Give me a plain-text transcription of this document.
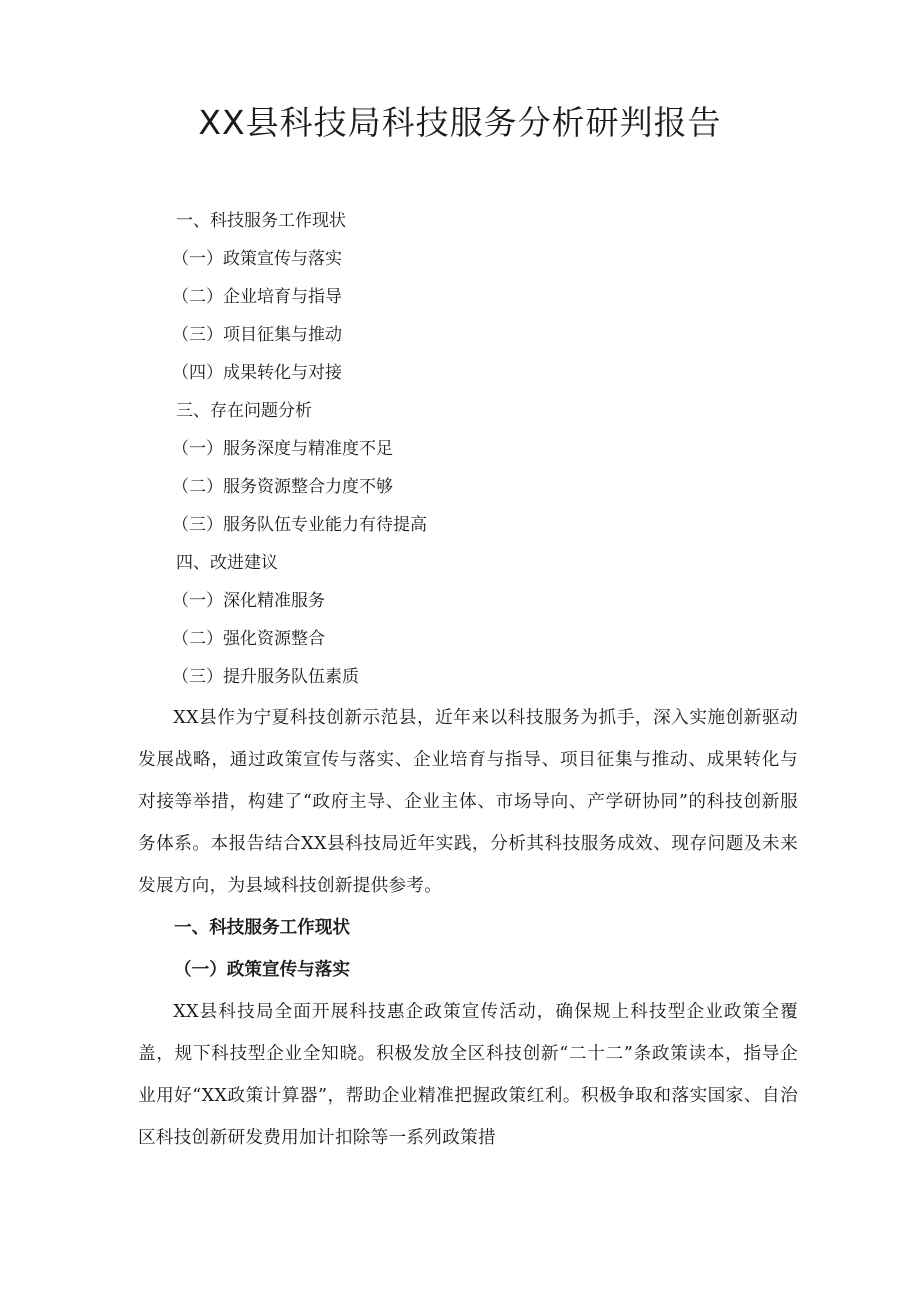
XX县科技局科技服务分析研判报告
一、科技服务工作现状
（一）政策宣传与落实
（二）企业培育与指导
（三）项目征集与推动
（四）成果转化与对接
三、存在问题分析
（一）服务深度与精准度不足
（二）服务资源整合力度不够
（三）服务队伍专业能力有待提高
四、改进建议
（一）深化精准服务
（二）强化资源整合
（三）提升服务队伍素质

XX县作为宁夏科技创新示范县，近年来以科技服务为抓手，深入实施创新驱动发展战略，通过政策宣传与落实、企业培育与指导、项目征集与推动、成果转化与对接等举措，构建了“政府主导、企业主体、市场导向、产学研协同”的科技创新服务体系。本报告结合XX县科技局近年实践，分析其科技服务成效、现存问题及未来发展方向，为县域科技创新提供参考。

一、科技服务工作现状

（一）政策宣传与落实

XX县科技局全面开展科技惠企政策宣传活动，确保规上科技型企业政策全覆盖，规下科技型企业全知晓。积极发放全区科技创新“二十二”条政策读本，指导企业用好“XX政策计算器”，帮助企业精准把握政策红利。积极争取和落实国家、自治区科技创新研发费用加计扣除等一系列政策措
